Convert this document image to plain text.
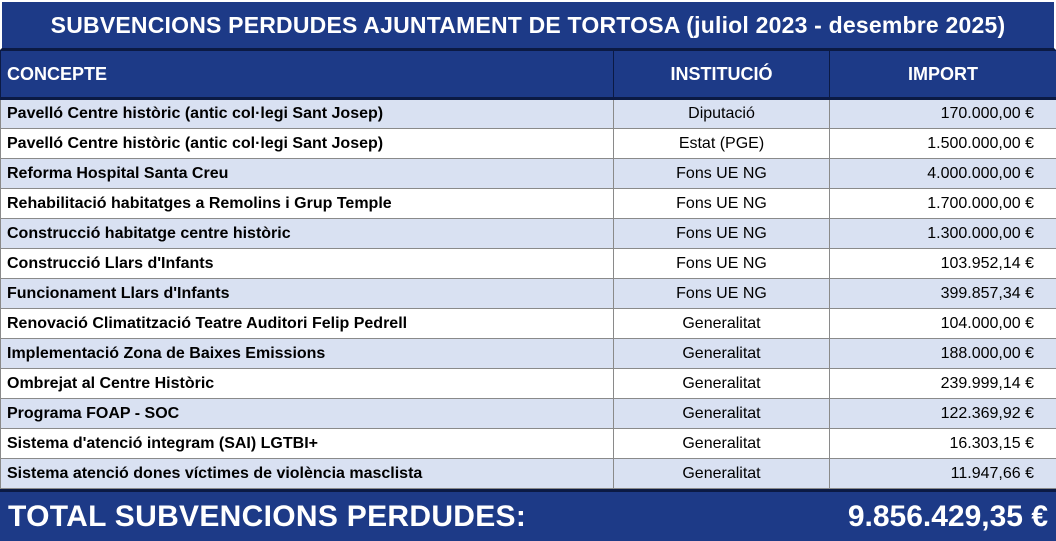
SUBVENCIONS PERDUDES AJUNTAMENT DE TORTOSA (juliol 2023 - desembre 2025)
CONCEPTE	INSTITUCIÓ	IMPORT
Pavelló Centre històric (antic col·legi Sant Josep)	Diputació	170.000,00 €
Pavelló Centre històric (antic col·legi Sant Josep)	Estat (PGE)	1.500.000,00 €
Reforma Hospital Santa Creu	Fons UE NG	4.000.000,00 €
Rehabilitació habitatges a Remolins i Grup Temple	Fons UE NG	1.700.000,00 €
Construcció habitatge centre històric	Fons UE NG	1.300.000,00 €
Construcció Llars d'Infants	Fons UE NG	103.952,14 €
Funcionament Llars d'Infants	Fons UE NG	399.857,34 €
Renovació Climatització Teatre Auditori Felip Pedrell	Generalitat	104.000,00 €
Implementació Zona de Baixes Emissions	Generalitat	188.000,00 €
Ombrejat al Centre Històric	Generalitat	239.999,14 €
Programa FOAP - SOC	Generalitat	122.369,92 €
Sistema d'atenció integram (SAI) LGTBI+	Generalitat	16.303,15 €
Sistema atenció dones víctimes de violència masclista	Generalitat	11.947,66 €
TOTAL SUBVENCIONS PERDUDES:	9.856.429,35 €
